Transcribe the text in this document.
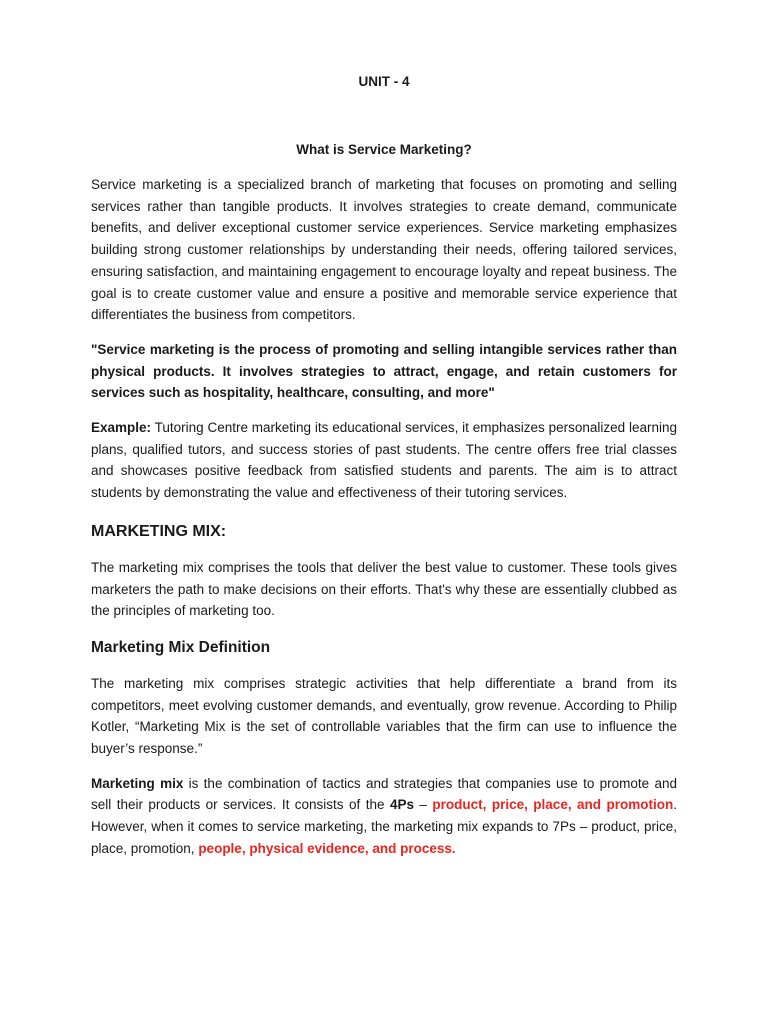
UNIT - 4
What is Service Marketing?

Service marketing is a specialized branch of marketing that focuses on promoting and selling services rather than tangible products. It involves strategies to create demand, communicate benefits, and deliver exceptional customer service experiences. Service marketing emphasizes building strong customer relationships by understanding their needs, offering tailored services, ensuring satisfaction, and maintaining engagement to encourage loyalty and repeat business. The goal is to create customer value and ensure a positive and memorable service experience that differentiates the business from competitors.

"Service marketing is the process of promoting and selling intangible services rather than physical products. It involves strategies to attract, engage, and retain customers for services such as hospitality, healthcare, consulting, and more"

Example: Tutoring Centre marketing its educational services, it emphasizes personalized learning plans, qualified tutors, and success stories of past students. The centre offers free trial classes and showcases positive feedback from satisfied students and parents. The aim is to attract students by demonstrating the value and effectiveness of their tutoring services.

MARKETING MIX:

The marketing mix comprises the tools that deliver the best value to customer. These tools gives marketers the path to make decisions on their efforts. That's why these are essentially clubbed as the principles of marketing too.

Marketing Mix Definition

The marketing mix comprises strategic activities that help differentiate a brand from its competitors, meet evolving customer demands, and eventually, grow revenue. According to Philip Kotler, “Marketing Mix is the set of controllable variables that the firm can use to influence the buyer’s response.”

Marketing mix is the combination of tactics and strategies that companies use to promote and sell their products or services. It consists of the 4Ps – product, price, place, and promotion. However, when it comes to service marketing, the marketing mix expands to 7Ps – product, price, place, promotion, people, physical evidence, and process.
